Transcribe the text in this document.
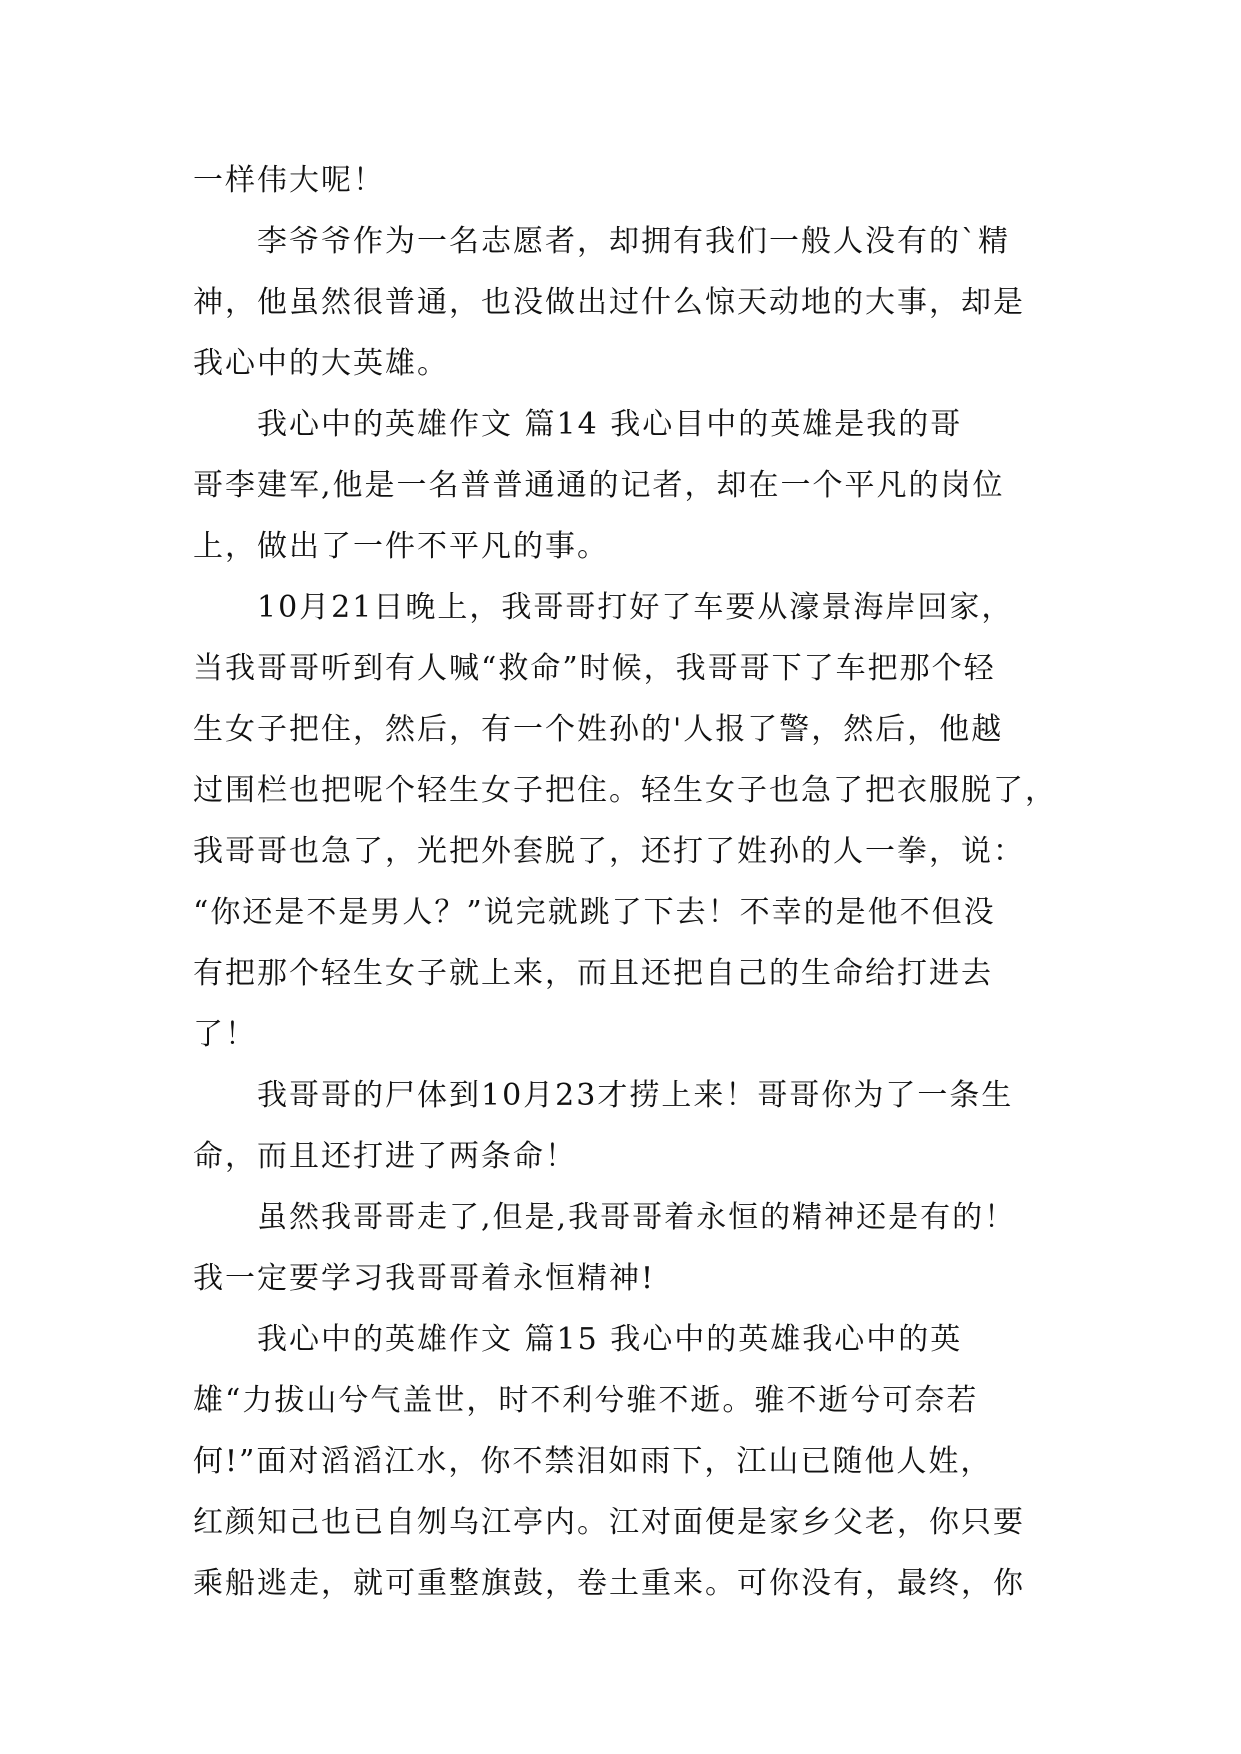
一样伟大呢！
李爷爷作为一名志愿者，却拥有我们一般人没有的`精
神，他虽然很普通，也没做出过什么惊天动地的大事，却是
我心中的大英雄。
我心中的英雄作文 篇14 我心目中的英雄是我的哥
哥李建军,他是一名普普通通的记者，却在一个平凡的岗位
上，做出了一件不平凡的事。
10月21日晚上，我哥哥打好了车要从濠景海岸回家，
当我哥哥听到有人喊“救命”时候，我哥哥下了车把那个轻
生女子把住，然后，有一个姓孙的'人报了警，然后，他越
过围栏也把呢个轻生女子把住。轻生女子也急了把衣服脱了，
我哥哥也急了，光把外套脱了，还打了姓孙的人一拳，说：
“你还是不是男人？”说完就跳了下去！不幸的是他不但没
有把那个轻生女子就上来，而且还把自己的生命给打进去
了！
我哥哥的尸体到10月23才捞上来！哥哥你为了一条生
命，而且还打进了两条命！
虽然我哥哥走了,但是,我哥哥着永恒的精神还是有的！
我一定要学习我哥哥着永恒精神!
我心中的英雄作文 篇15 我心中的英雄我心中的英
雄“力拔山兮气盖世，时不利兮骓不逝。骓不逝兮可奈若
何!”面对滔滔江水，你不禁泪如雨下，江山已随他人姓，
红颜知己也已自刎乌江亭内。江对面便是家乡父老，你只要
乘船逃走，就可重整旗鼓，卷土重来。可你没有，最终，你
